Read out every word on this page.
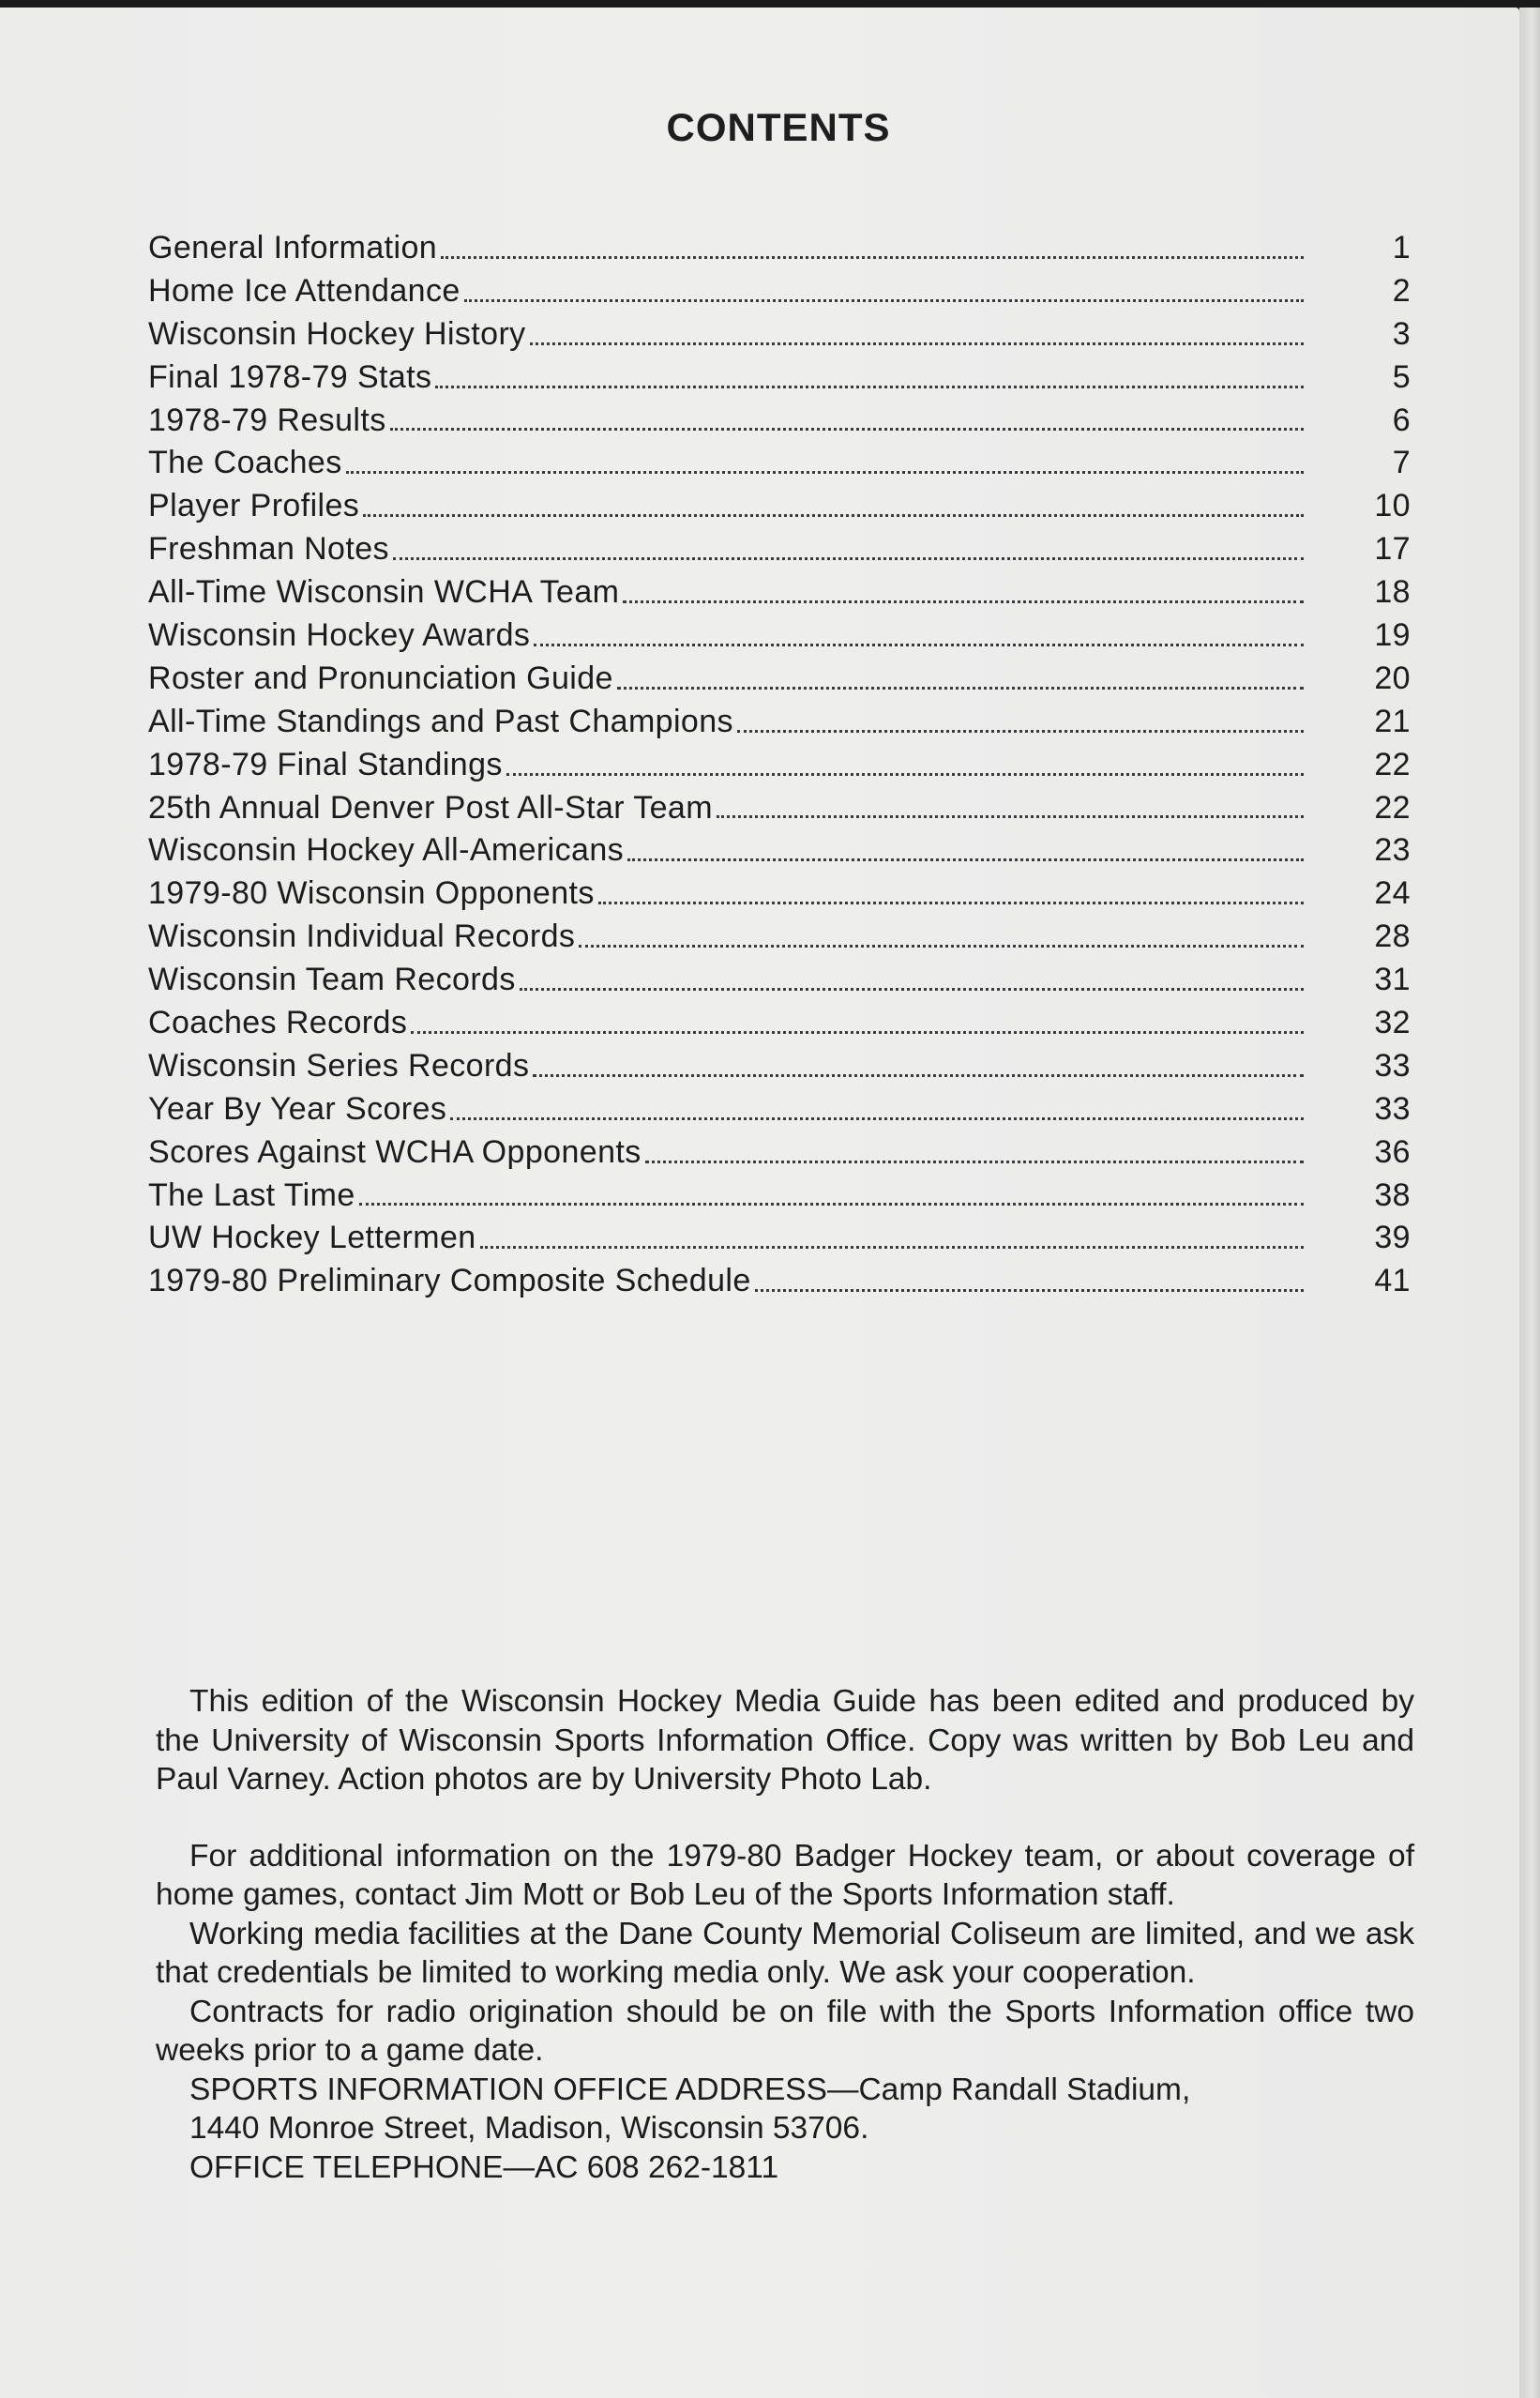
CONTENTS
General Information	1
Home Ice Attendance	2
Wisconsin Hockey History	3
Final 1978-79 Stats	5
1978-79 Results	6
The Coaches	7
Player Profiles	10
Freshman Notes	17
All-Time Wisconsin WCHA Team	18
Wisconsin Hockey Awards	19
Roster and Pronunciation Guide	20
All-Time Standings and Past Champions	21
1978-79 Final Standings	22
25th Annual Denver Post All-Star Team	22
Wisconsin Hockey All-Americans	23
1979-80 Wisconsin Opponents	24
Wisconsin Individual Records	28
Wisconsin Team Records	31
Coaches Records	32
Wisconsin Series Records	33
Year By Year Scores	33
Scores Against WCHA Opponents	36
The Last Time	38
UW Hockey Lettermen	39
1979-80 Preliminary Composite Schedule	41

This edition of the Wisconsin Hockey Media Guide has been edited and produced by the University of Wisconsin Sports Information Office. Copy was written by Bob Leu and Paul Varney. Action photos are by University Photo Lab.

For additional information on the 1979-80 Badger Hockey team, or about coverage of home games, contact Jim Mott or Bob Leu of the Sports Information staff.

Working media facilities at the Dane County Memorial Coliseum are limited, and we ask that credentials be limited to working media only. We ask your cooperation.

Contracts for radio origination should be on file with the Sports Information office two weeks prior to a game date.

SPORTS INFORMATION OFFICE ADDRESS—Camp Randall Stadium,
1440 Monroe Street, Madison, Wisconsin 53706.
OFFICE TELEPHONE—AC 608 262-1811
